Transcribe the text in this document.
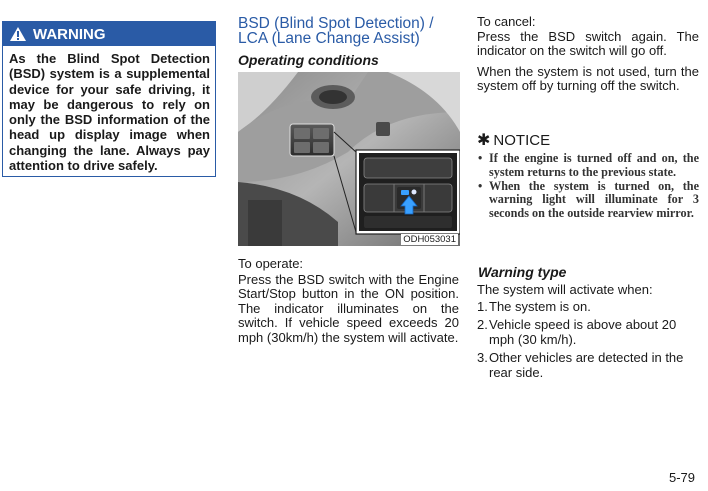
WARNING
As the Blind Spot Detection (BSD) system is a supplemental device for your safe driving, it may be dangerous to rely on only the BSD information of the head up display image when changing the lane. Always pay attention to drive safely.
BSD (Blind Spot Detection) / LCA (Lane Change Assist)
Operating conditions
ODH053031

To operate:

Press the BSD switch with the Engine Start/Stop button in the ON position. The indicator illuminates on the switch. If vehicle speed exceeds 20 mph (30km/h) the system will activate.

To cancel:

Press the BSD switch again. The indicator on the switch will go off.

When the system is not used, turn the system off by turning off the switch.

✱ NOTICE
• If the engine is turned off and on, the system returns to the previous state.
• When the system is turned on, the warning light will illuminate for 3 seconds on the outside rearview mirror.
Warning type

The system will activate when:

1. The system is on.
2. Vehicle speed is above about 20 mph (30 km/h).
3. Other vehicles are detected in the rear side.
5-79
